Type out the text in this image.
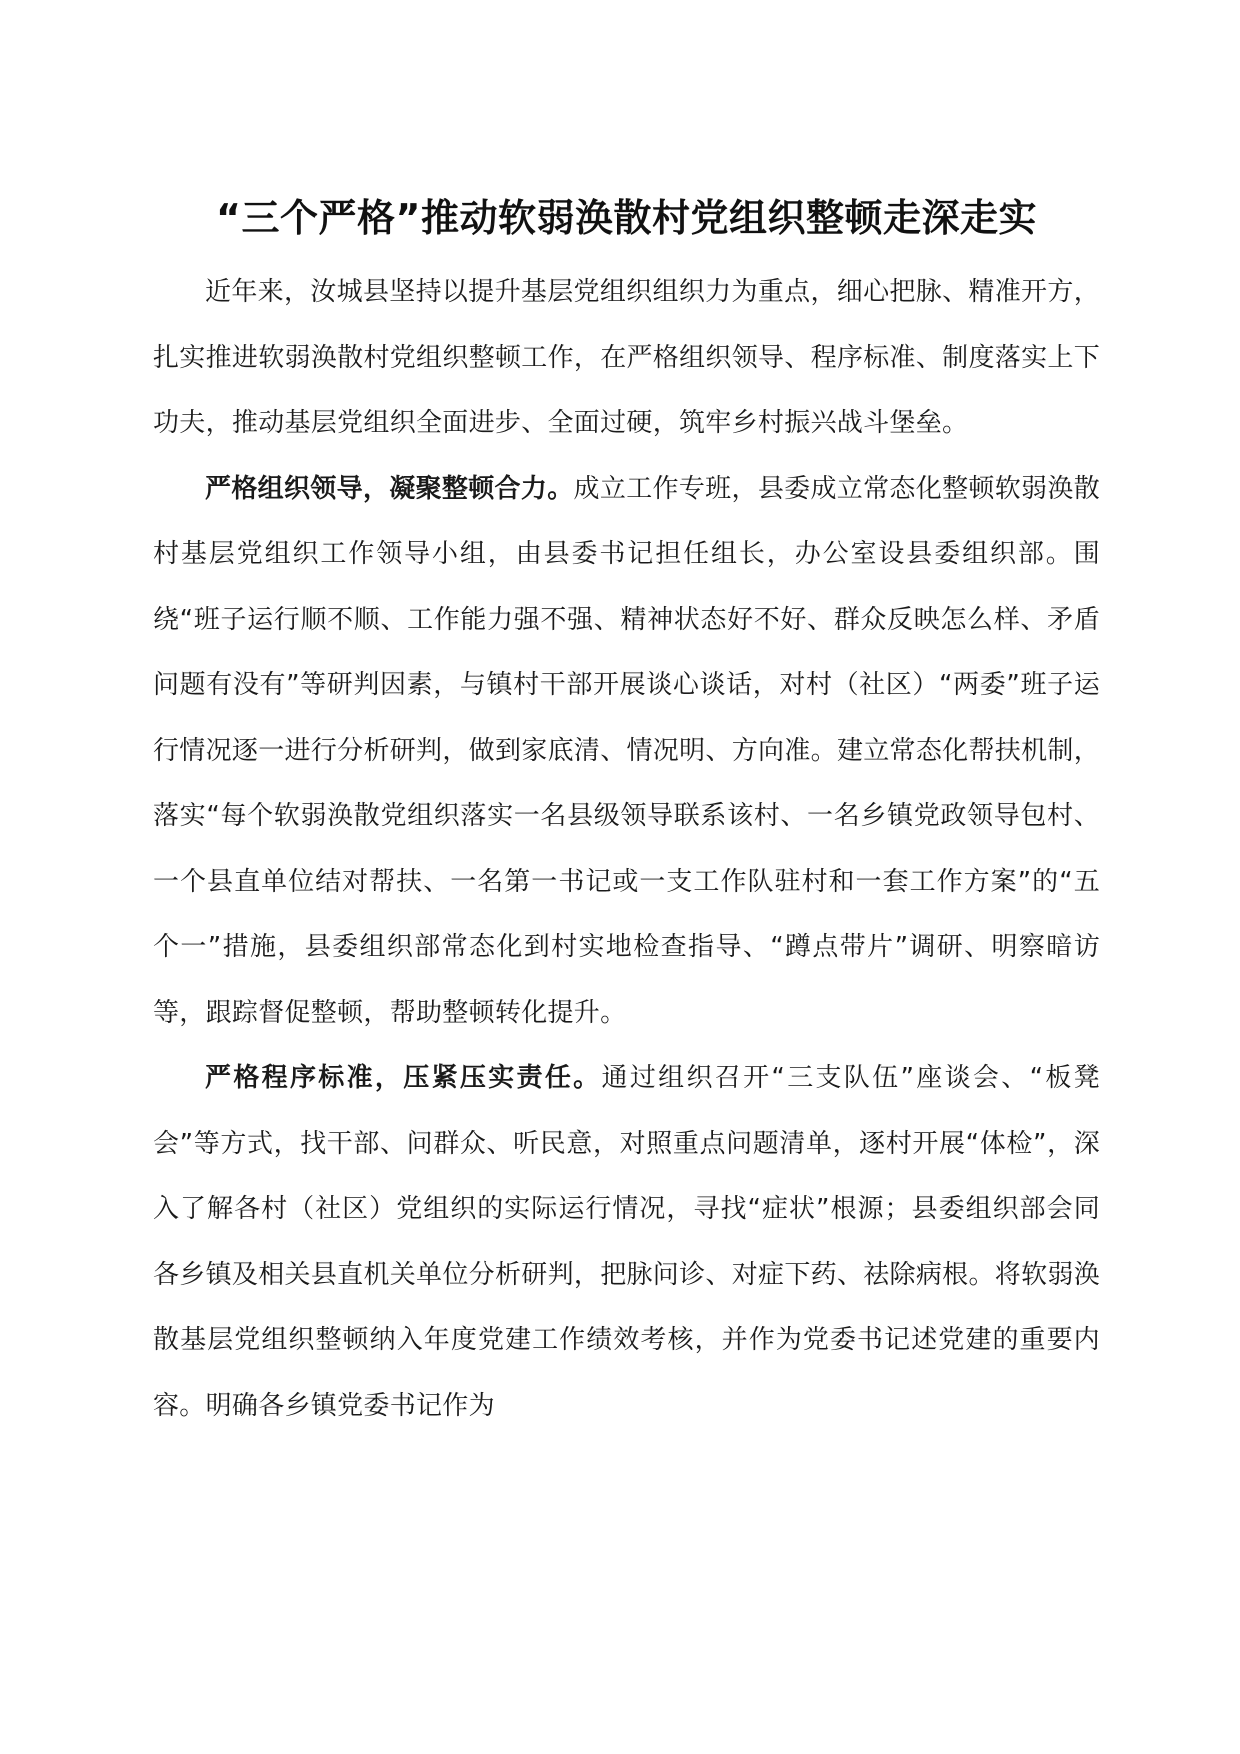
“三个严格”推动软弱涣散村党组织整顿走深走实

近年来，汝城县坚持以提升基层党组织组织力为重点，细心把脉、精准开方，扎实推进软弱涣散村党组织整顿工作，在严格组织领导、程序标准、制度落实上下功夫，推动基层党组织全面进步、全面过硬，筑牢乡村振兴战斗堡垒。

严格组织领导，凝聚整顿合力。成立工作专班，县委成立常态化整顿软弱涣散村基层党组织工作领导小组，由县委书记担任组长，办公室设县委组织部。围绕“班子运行顺不顺、工作能力强不强、精神状态好不好、群众反映怎么样、矛盾问题有没有”等研判因素，与镇村干部开展谈心谈话，对村（社区）“两委”班子运行情况逐一进行分析研判，做到家底清、情况明、方向准。建立常态化帮扶机制，落实“每个软弱涣散党组织落实一名县级领导联系该村、一名乡镇党政领导包村、一个县直单位结对帮扶、一名第一书记或一支工作队驻村和一套工作方案”的“五个一”措施，县委组织部常态化到村实地检查指导、“蹲点带片”调研、明察暗访等，跟踪督促整顿，帮助整顿转化提升。

严格程序标准，压紧压实责任。通过组织召开“三支队伍”座谈会、“板凳会”等方式，找干部、问群众、听民意，对照重点问题清单，逐村开展“体检”，深入了解各村（社区）党组织的实际运行情况，寻找“症状”根源；县委组织部会同各乡镇及相关县直机关单位分析研判，把脉问诊、对症下药、祛除病根。将软弱涣散基层党组织整顿纳入年度党建工作绩效考核，并作为党委书记述党建的重要内容。明确各乡镇党委书记作为
